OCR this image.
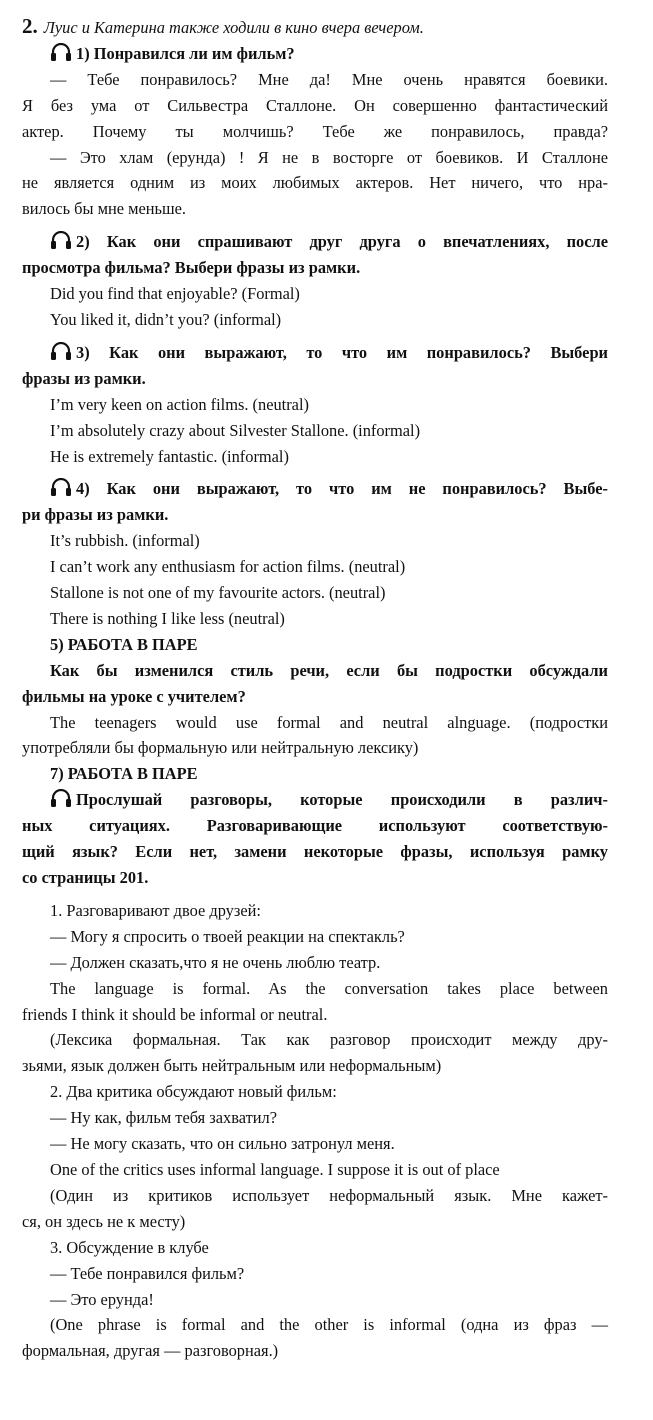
2. Луис и Катерина также ходили в кино вчера вечером.
1) Понравился ли им фильм?
— Тебе понравилось? Мне да! Мне очень нравятся боевики.
Я без ума от Сильвестра Сталлоне. Он совершенно фантастический
актер. Почему ты молчишь? Тебе же понравилось, правда?
— Это хлам (ерунда) ! Я не в восторге от боевиков. И Сталлоне
не является одним из моих любимых актеров. Нет ничего, что нра-
вилось бы мне меньше.
2) Как они спрашивают друг друга о впечатлениях, после
просмотра фильма? Выбери фразы из рамки.
Did you find that enjoyable? (Formal)
You liked it, didn’t you? (informal)
3) Как они выражают, то что им понравилось? Выбери
фразы из рамки.
I’m very keen on action films. (neutral)
I’m absolutely crazy about Silvester Stallone. (informal)
He is extremely fantastic. (informal)
4) Как они выражают, то что им не понравилось? Выбе-
ри фразы из рамки.
It’s rubbish. (informal)
I can’t work any enthusiasm for action films. (neutral)
Stallone is not one of my favourite actors. (neutral)
There is nothing I like less (neutral)
5) РАБОТА В ПАРЕ
Как бы изменился стиль речи, если бы подростки обсуждали
фильмы на уроке с учителем?
The teenagers would use formal and neutral alnguage. (подростки
употребляли бы формальную или нейтральную лексику)
7) РАБОТА В ПАРЕ
Прослушай разговоры, которые происходили в различ-
ных ситуациях. Разговаривающие используют соответствую-
щий язык? Если нет, замени некоторые фразы, используя рамку
со страницы 201.
1. Разговаривают двое друзей:
— Могу я спросить о твоей реакции на спектакль?
— Должен сказать,что я не очень люблю театр.
The language is formal. As the conversation takes place between
friends I think it should be informal or neutral.
(Лексика формальная. Так как разговор происходит между дру-
зьями, язык должен быть нейтральным или неформальным)
2. Два критика обсуждают новый фильм:
— Ну как, фильм тебя захватил?
— Не могу сказать, что он сильно затронул меня.
One of the critics uses informal language. I suppose it is out of place
(Один из критиков использует неформальный язык. Мне кажет-
ся, он здесь не к месту)
3. Обсуждение в клубе
— Тебе понравился фильм?
— Это ерунда!
(One phrase is formal and the other is informal (одна из фраз —
формальная, другая — разговорная.)
